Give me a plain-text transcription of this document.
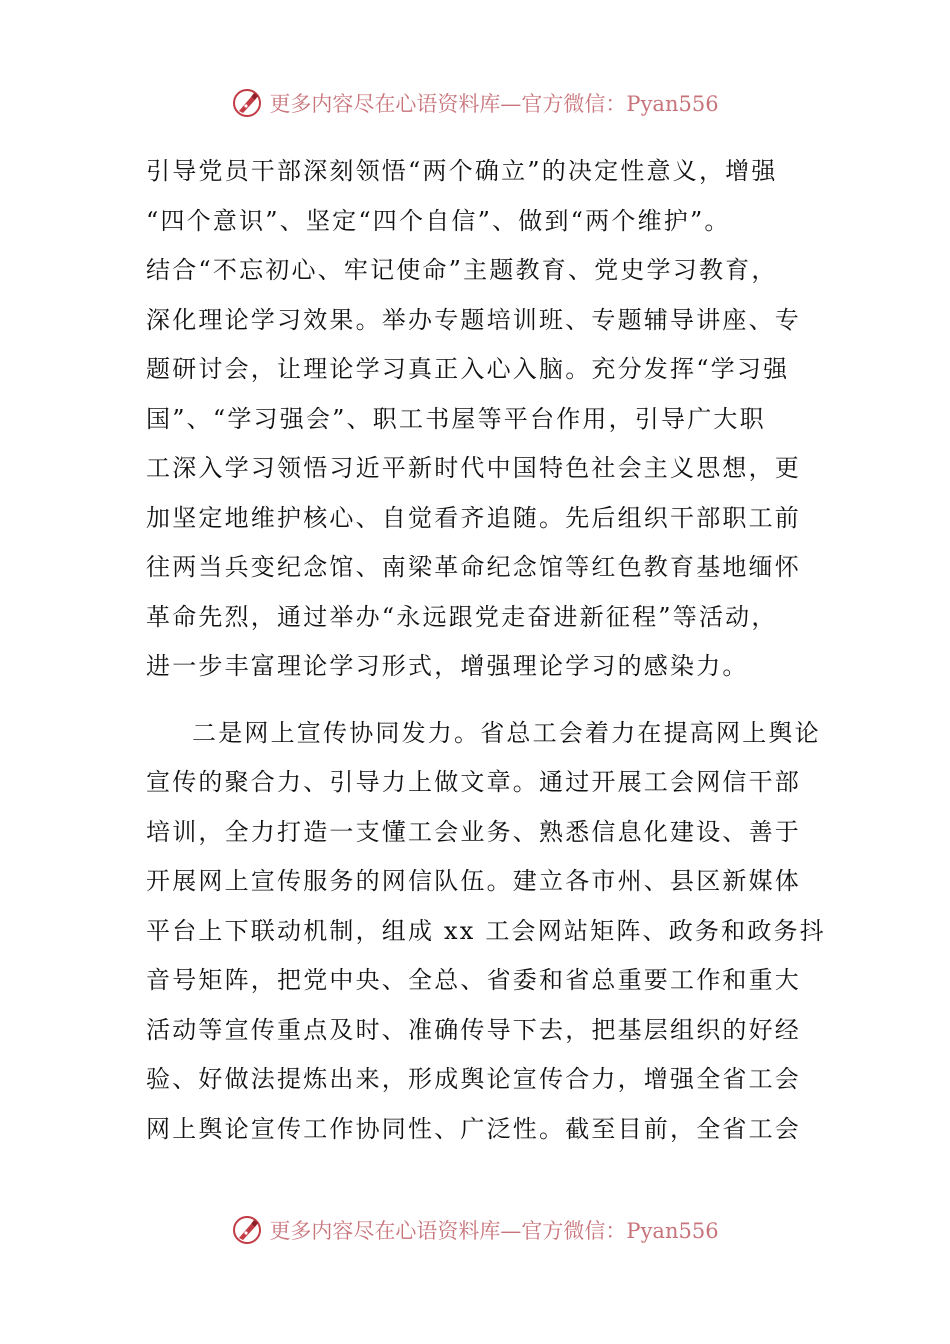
更多内容尽在心语资料库—官方微信：Pyan556

引导党员干部深刻领悟“两个确立”的决定性意义，增强
“四个意识”、坚定“四个自信”、做到“两个维护”。
结合“不忘初心、牢记使命”主题教育、党史学习教育，
深化理论学习效果。举办专题培训班、专题辅导讲座、专
题研讨会，让理论学习真正入心入脑。充分发挥“学习强
国”、“学习强会”、职工书屋等平台作用，引导广大职
工深入学习领悟习近平新时代中国特色社会主义思想，更
加坚定地维护核心、自觉看齐追随。先后组织干部职工前
往两当兵变纪念馆、南梁革命纪念馆等红色教育基地缅怀
革命先烈，通过举办“永远跟党走奋进新征程”等活动，
进一步丰富理论学习形式，增强理论学习的感染力。

二是网上宣传协同发力。省总工会着力在提高网上舆论
宣传的聚合力、引导力上做文章。通过开展工会网信干部
培训，全力打造一支懂工会业务、熟悉信息化建设、善于
开展网上宣传服务的网信队伍。建立各市州、县区新媒体
平台上下联动机制，组成 xx 工会网站矩阵、政务和政务抖
音号矩阵，把党中央、全总、省委和省总重要工作和重大
活动等宣传重点及时、准确传导下去，把基层组织的好经
验、好做法提炼出来，形成舆论宣传合力，增强全省工会
网上舆论宣传工作协同性、广泛性。截至目前，全省工会

更多内容尽在心语资料库—官方微信：Pyan556
